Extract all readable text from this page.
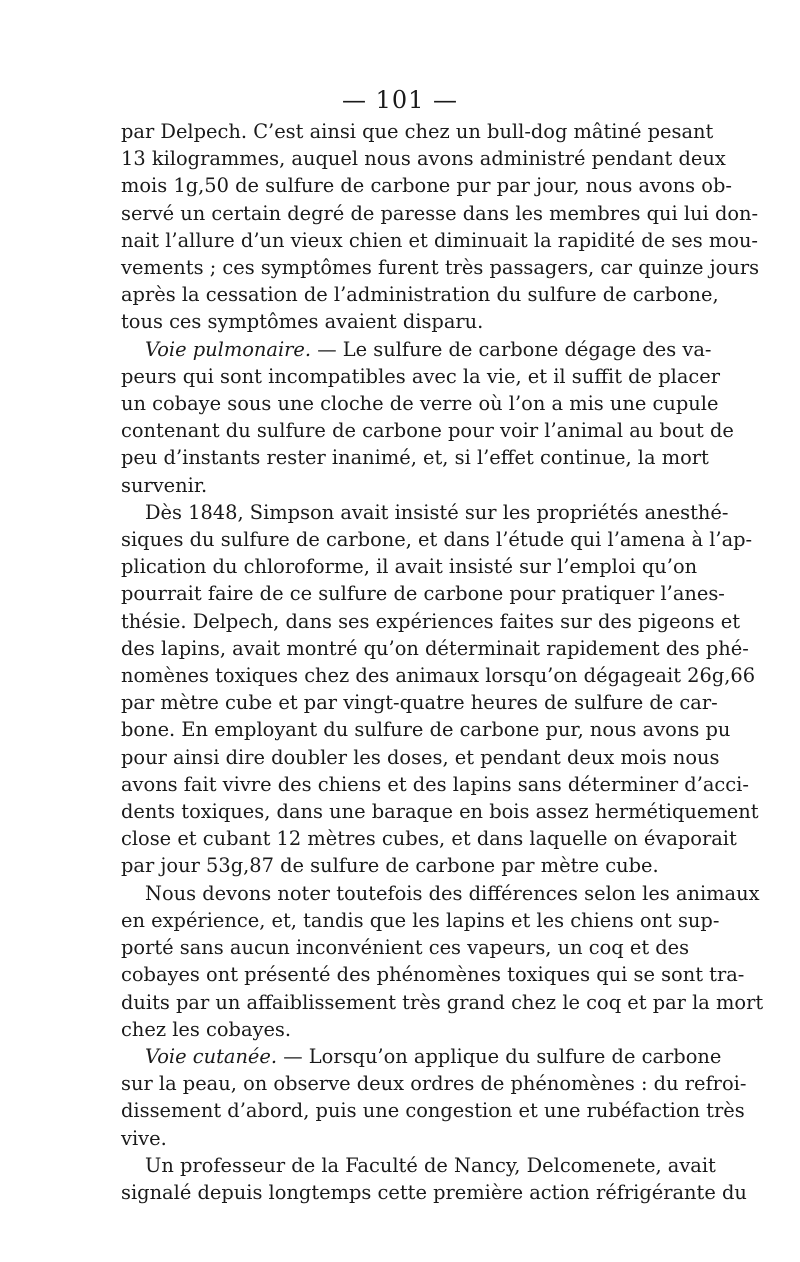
— 101 —
par Delpech. C’est ainsi que chez un bull-dog mâtiné pesant
13 kilogrammes, auquel nous avons administré pendant deux
mois 1g,50 de sulfure de carbone pur par jour, nous avons ob-
servé un certain degré de paresse dans les membres qui lui don-
nait l’allure d’un vieux chien et diminuait la rapidité de ses mou-
vements ; ces symptômes furent très passagers, car quinze jours
après la cessation de l’administration du sulfure de carbone,
tous ces symptômes avaient disparu.
Voie pulmonaire. — Le sulfure de carbone dégage des va-
peurs qui sont incompatibles avec la vie, et il suffit de placer
un cobaye sous une cloche de verre où l’on a mis une cupule
contenant du sulfure de carbone pour voir l’animal au bout de
peu d’instants rester inanimé, et, si l’effet continue, la mort
survenir.
Dès 1848, Simpson avait insisté sur les propriétés anesthé-
siques du sulfure de carbone, et dans l’étude qui l’amena à l’ap-
plication du chloroforme, il avait insisté sur l’emploi qu’on
pourrait faire de ce sulfure de carbone pour pratiquer l’anes-
thésie. Delpech, dans ses expériences faites sur des pigeons et
des lapins, avait montré qu’on déterminait rapidement des phé-
nomènes toxiques chez des animaux lorsqu’on dégageait 26g,66
par mètre cube et par vingt-quatre heures de sulfure de car-
bone. En employant du sulfure de carbone pur, nous avons pu
pour ainsi dire doubler les doses, et pendant deux mois nous
avons fait vivre des chiens et des lapins sans déterminer d’acci-
dents toxiques, dans une baraque en bois assez hermétiquement
close et cubant 12 mètres cubes, et dans laquelle on évaporait
par jour 53g,87 de sulfure de carbone par mètre cube.
Nous devons noter toutefois des différences selon les animaux
en expérience, et, tandis que les lapins et les chiens ont sup-
porté sans aucun inconvénient ces vapeurs, un coq et des
cobayes ont présenté des phénomènes toxiques qui se sont tra-
duits par un affaiblissement très grand chez le coq et par la mort
chez les cobayes.
Voie cutanée. — Lorsqu’on applique du sulfure de carbone
sur la peau, on observe deux ordres de phénomènes : du refroi-
dissement d’abord, puis une congestion et une rubéfaction très
vive.
Un professeur de la Faculté de Nancy, Delcomenete, avait
signalé depuis longtemps cette première action réfrigérante du
